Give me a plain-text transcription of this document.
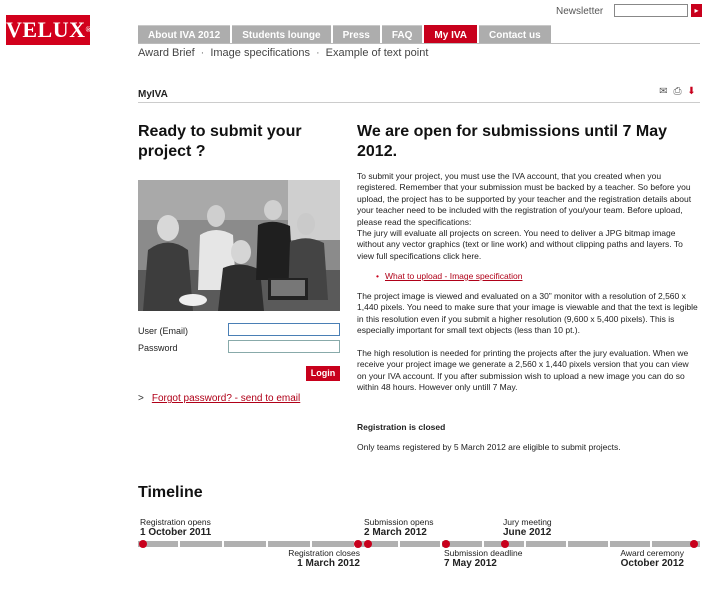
VELUX®
Newsletter	▸
About IVA 2012	Students lounge	Press	FAQ	My IVA	Contact us
Award Brief · Image specifications · Example of text point
MyIVA	✉ ⎙ ⬇
Ready to submit your project ?
User (Email)
Password
Login
> Forgot password? - send to email
We are open for submissions until 7 May 2012.
To submit your project, you must use the IVA account, that you created when you registered. Remember that your submission must be backed by a teacher. So before you upload, the project has to be supported by your teacher and the registration details about your teacher need to be included with the registration of you/your team. Before upload, please read the specifications:
The jury will evaluate all projects on screen. You need to deliver a JPG bitmap image without any vector graphics (text or line work) and without clipping paths and layers. To view full specifications click here.
• What to upload - Image specification
The project image is viewed and evaluated on a 30” monitor with a resolution of 2,560 x 1,440 pixels. You need to make sure that your image is viewable and that the text is legible in this resolution even if you submit a higher resolution (9,600 x 5,400 pixels). This is especially important for small text objects (less than 10 pt.).
The high resolution is needed for printing the projects after the jury evaluation. When we receive your project image we generate a 2,560 x 1,440 pixels version that you can view on your IVA account. If you after submission wish to upload a new image you can do so within 48 hours. However only untill 7 May.
Registration is closed
Only teams registered by 5 March 2012 are eligible to submit projects.
Timeline
Registration opens
1 October 2011
Submission opens
2 March 2012
Jury meeting
June 2012
Registration closes
1 March 2012
Submission deadline
7 May 2012
Award ceremony
October 2012
